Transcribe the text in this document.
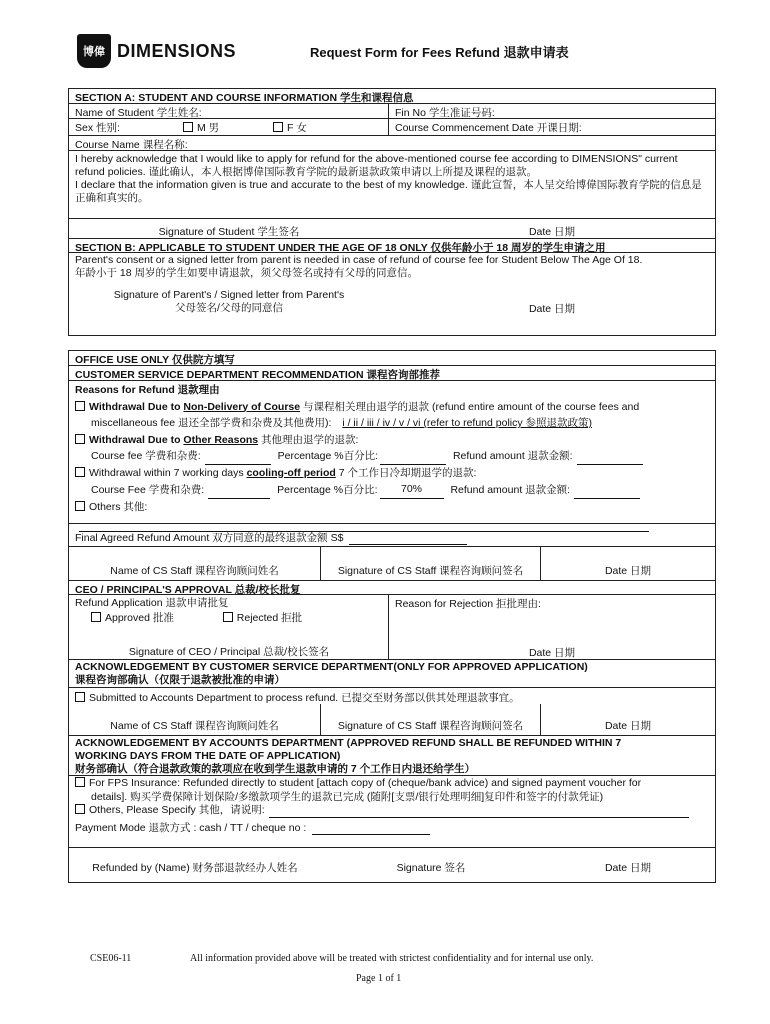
博偉 DIMENSIONS	Request Form for Fees Refund 退款申请表
SECTION A: STUDENT AND COURSE INFORMATION 学生和课程信息
Name of Student 学生姓名:	Fin No 学生准证号码:
Sex 性别:	M 男	F 女	Course Commencement Date 开课日期:
Course Name 课程名称:
I hereby acknowledge that I would like to apply for refund for the above-mentioned course fee according to DIMENSIONS" current refund policies. 谨此确认，本人根据博偉国际教育学院的最新退款政策申请以上所提及课程的退款。
I declare that the information given is true and accurate to the best of my knowledge. 谨此宣誓，本人呈交给博偉国际教育学院的信息是正确和真实的。
Signature of Student 学生签名	Date 日期
SECTION B: APPLICABLE TO STUDENT UNDER THE AGE OF 18 ONLY 仅供年龄小于 18 周岁的学生申请之用
Parent's consent or a signed letter from parent is needed in case of refund of course fee for Student Below The Age Of 18.
年龄小于 18 周岁的学生如要申请退款，须父母签名或持有父母的同意信。
Signature of Parent's / Signed letter from Parent's
父母签名/父母的同意信	Date 日期
OFFICE USE ONLY 仅供院方填写
CUSTOMER SERVICE DEPARTMENT RECOMMENDATION 课程咨询部推荐
Reasons for Refund 退款理由
Withdrawal Due to Non-Delivery of Course 与课程相关理由退学的退款 (refund entire amount of the course fees and
miscellaneous fee 退还全部学费和杂费及其他费用): i / ii / iii / iv / v / vi (refer to refund policy 参照退款政策)
Withdrawal Due to Other Reasons 其他理由退学的退款:
Course fee 学费和杂费:	Percentage %百分比:	Refund amount 退款金额:
Withdrawal within 7 working days cooling-off period 7 个工作日冷却期退学的退款:
Course Fee 学费和杂费:	Percentage %百分比: 70%	Refund amount 退款金额:
Others 其他:
Final Agreed Refund Amount 双方同意的最终退款金额 S$
Name of CS Staff 课程咨询顾问姓名	Signature of CS Staff 课程咨询顾问签名	Date 日期
CEO / PRINCIPAL'S APPROVAL 总裁/校长批复
Refund Application 退款申请批复
Approved 批准	Rejected 拒批
Signature of CEO / Principal 总裁/校长签名
Reason for Rejection 拒批理由:
Date 日期
ACKNOWLEDGEMENT BY CUSTOMER SERVICE DEPARTMENT(ONLY FOR APPROVED APPLICATION)
课程咨询部确认（仅限于退款被批准的申请）
Submitted to Accounts Department to process refund. 已提交至财务部以供其处理退款事宜。
Name of CS Staff 课程咨询顾问姓名	Signature of CS Staff 课程咨询顾问签名	Date 日期
ACKNOWLEDGEMENT BY ACCOUNTS DEPARTMENT (APPROVED REFUND SHALL BE REFUNDED WITHIN 7
WORKING DAYS FROM THE DATE OF APPLICATION)
财务部确认（符合退款政策的款项应在收到学生退款申请的 7 个工作日内退还给学生）
For FPS Insurance: Refunded directly to student [attach copy of (cheque/bank advice) and signed payment voucher for
details]. 购买学费保障计划保险/多缴款项学生的退款已完成 (随附[支票/银行处理明细]复印件和签字的付款凭证)
Others, Please Specify 其他，请说明:
Payment Mode 退款方式 : cash / TT / cheque no :
Refunded by (Name) 财务部退款经办人姓名	Signature 签名	Date 日期
CSE06-11	All information provided above will be treated with strictest confidentiality and for internal use only.
Page 1 of 1
